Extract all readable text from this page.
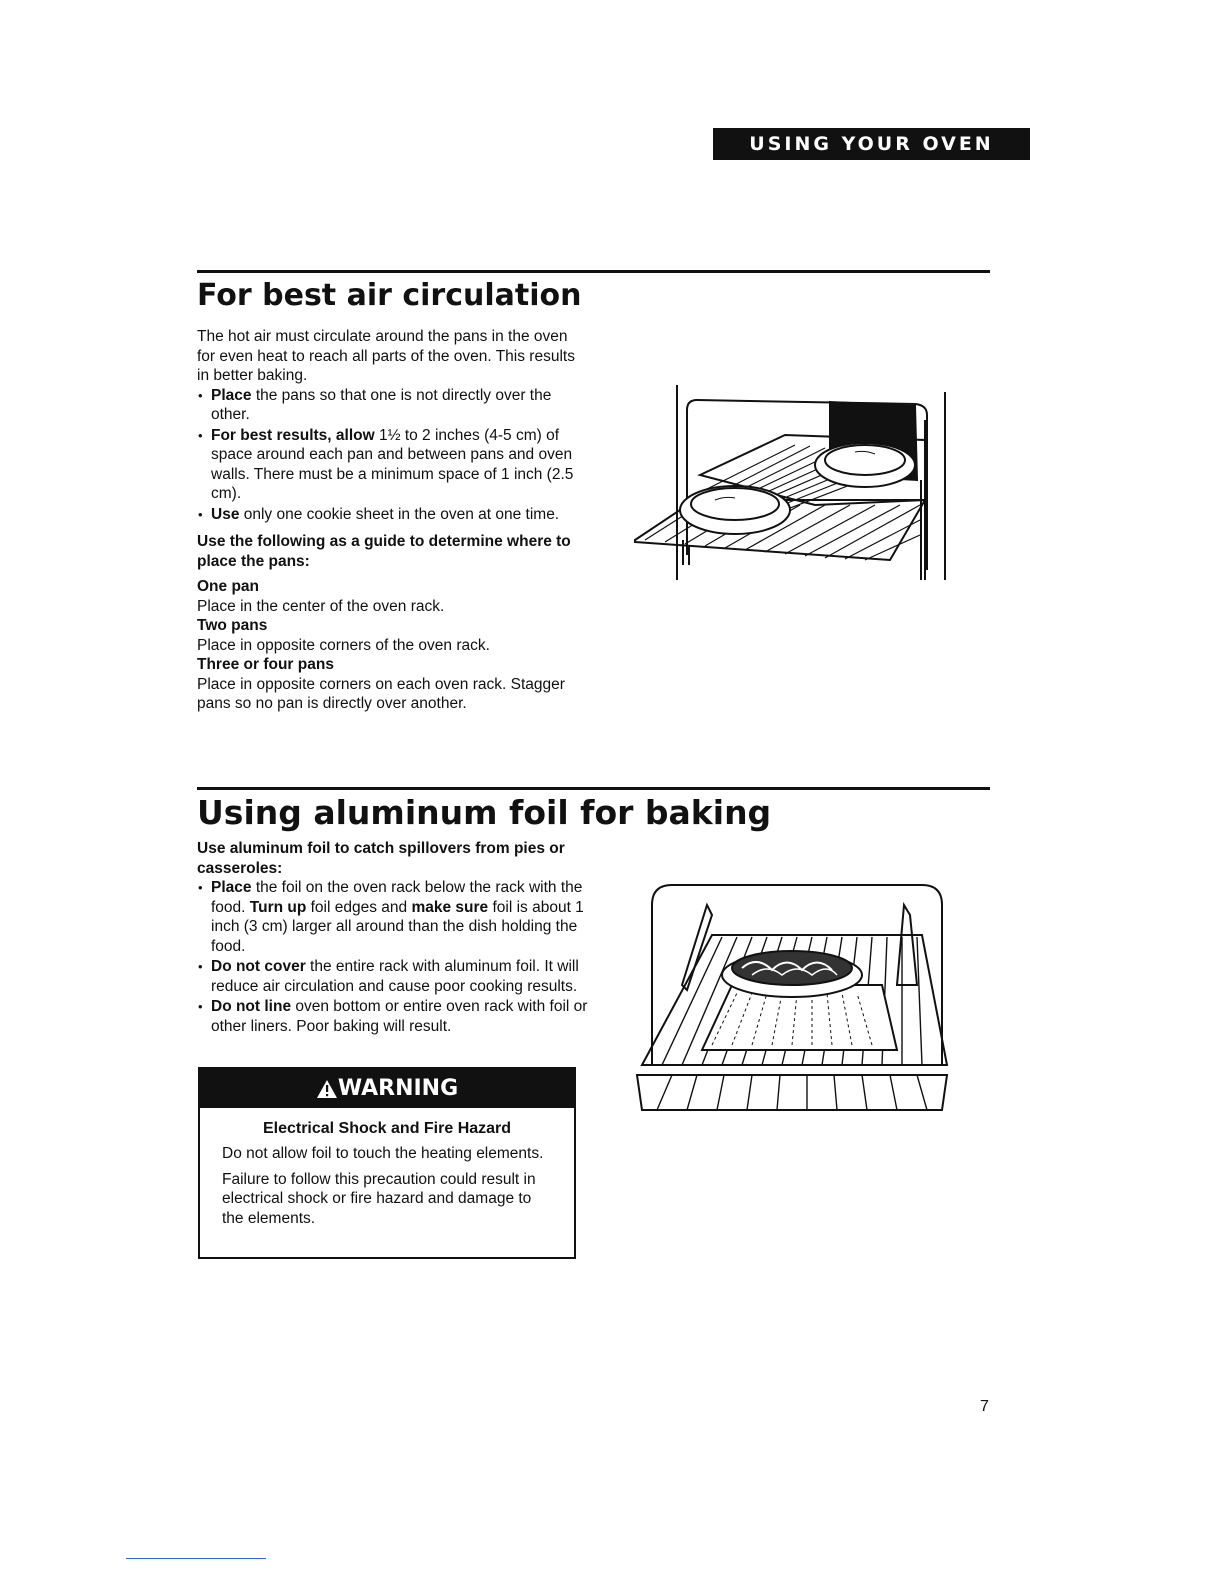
USING YOUR OVEN
For best air circulation

The hot air must circulate around the pans in the oven for even heat to reach all parts of the oven. This results in better baking.

• Place the pans so that one is not directly over the other.
• For best results, allow 1½ to 2 inches (4-5 cm) of space around each pan and between pans and oven walls. There must be a minimum space of 1 inch (2.5 cm).
• Use only one cookie sheet in the oven at one time.

Use the following as a guide to determine where to place the pans:

One pan

Place in the center of the oven rack.

Two pans

Place in opposite corners of the oven rack.

Three or four pans

Place in opposite corners on each oven rack. Stagger pans so no pan is directly over another.

Using aluminum foil for baking

Use aluminum foil to catch spillovers from pies or casseroles:

• Place the foil on the oven rack below the rack with the food. Turn up foil edges and make sure foil is about 1 inch (3 cm) larger all around than the dish holding the food.
• Do not cover the entire rack with aluminum foil. It will reduce air circulation and cause poor cooking results.
• Do not line oven bottom or entire oven rack with foil or other liners. Poor baking will result.
WARNING
Electrical Shock and Fire Hazard

Do not allow foil to touch the heating elements.

Failure to follow this precaution could result in electrical shock or fire hazard and damage to the elements.

7
